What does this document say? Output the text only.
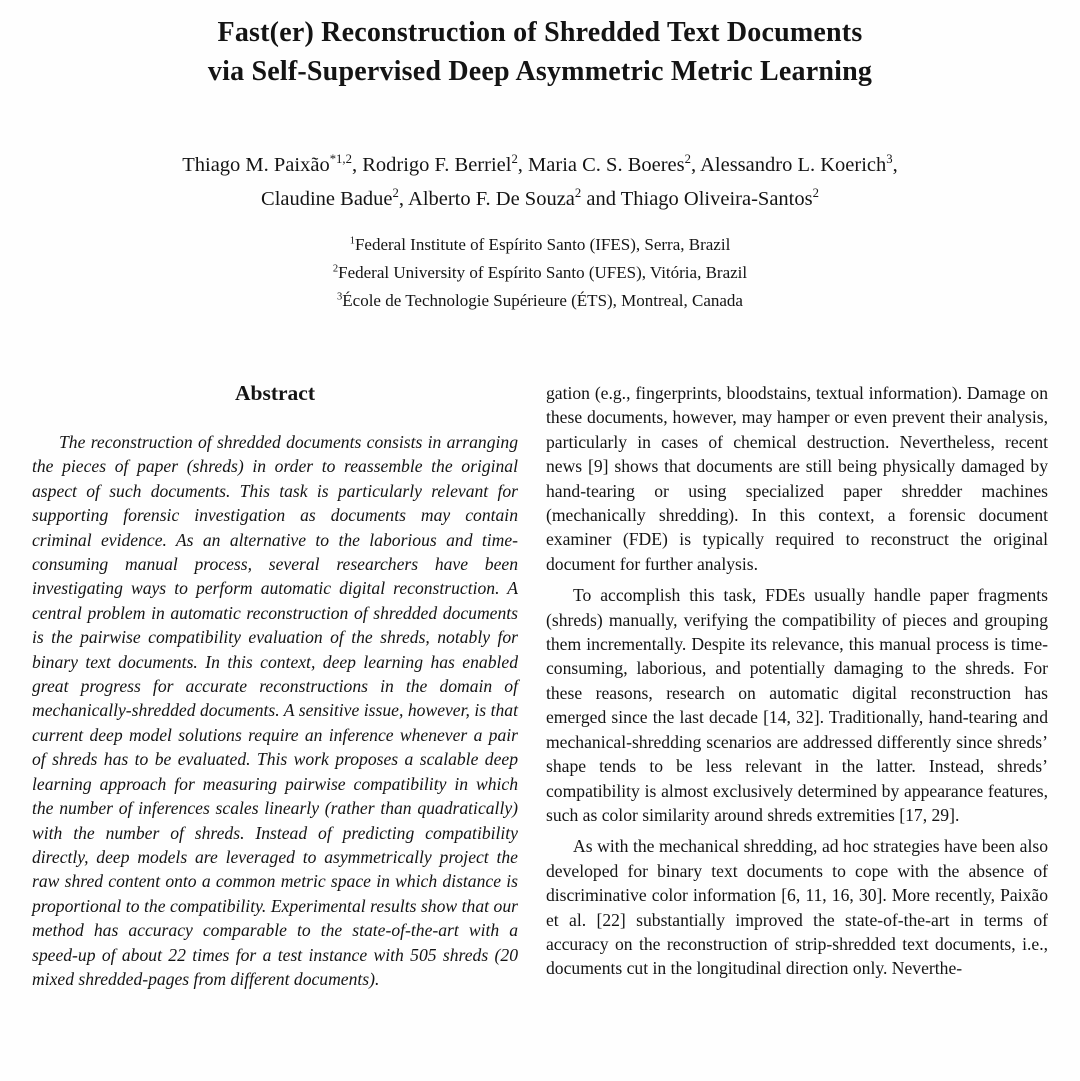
Fast(er) Reconstruction of Shredded Text Documents
via Self-Supervised Deep Asymmetric Metric Learning
Thiago M. Paixão$^{*1,2}$, Rodrigo F. Berriel$^2$, Maria C. S. Boeres$^2$, Alessandro L. Koerich$^3$,
Claudine Badue$^2$, Alberto F. De Souza$^2$ and Thiago Oliveira-Santos$^2$
$^1$Federal Institute of Espírito Santo (IFES), Serra, Brazil
$^2$Federal University of Espírito Santo (UFES), Vitória, Brazil
$^3$École de Technologie Supérieure (ÉTS), Montreal, Canada
Abstract

The reconstruction of shredded documents consists in arranging the pieces of paper (shreds) in order to reassemble the original aspect of such documents. This task is particularly relevant for supporting forensic investigation as documents may contain criminal evidence. As an alternative to the laborious and time-consuming manual process, several researchers have been investigating ways to perform automatic digital reconstruction. A central problem in automatic reconstruction of shredded documents is the pairwise compatibility evaluation of the shreds, notably for binary text documents. In this context, deep learning has enabled great progress for accurate reconstructions in the domain of mechanically-shredded documents. A sensitive issue, however, is that current deep model solutions require an inference whenever a pair of shreds has to be evaluated. This work proposes a scalable deep learning approach for measuring pairwise compatibility in which the number of inferences scales linearly (rather than quadratically) with the number of shreds. Instead of predicting compatibility directly, deep models are leveraged to asymmetrically project the raw shred content onto a common metric space in which distance is proportional to the compatibility. Experimental results show that our method has accuracy comparable to the state-of-the-art with a speed-up of about 22 times for a test instance with 505 shreds (20 mixed shredded-pages from different documents).

gation (e.g., fingerprints, bloodstains, textual information). Damage on these documents, however, may hamper or even prevent their analysis, particularly in cases of chemical destruction. Nevertheless, recent news [9] shows that documents are still being physically damaged by hand-tearing or using specialized paper shredder machines (mechanically shredding). In this context, a forensic document examiner (FDE) is typically required to reconstruct the original document for further analysis.

To accomplish this task, FDEs usually handle paper fragments (shreds) manually, verifying the compatibility of pieces and grouping them incrementally. Despite its relevance, this manual process is time-consuming, laborious, and potentially damaging to the shreds. For these reasons, research on automatic digital reconstruction has emerged since the last decade [14, 32]. Traditionally, hand-tearing and mechanical-shredding scenarios are addressed differently since shreds’ shape tends to be less relevant in the latter. Instead, shreds’ compatibility is almost exclusively determined by appearance features, such as color similarity around shreds extremities [17, 29].

As with the mechanical shredding, ad hoc strategies have been also developed for binary text documents to cope with the absence of discriminative color information [6, 11, 16, 30]. More recently, Paixão et al. [22] substantially improved the state-of-the-art in terms of accuracy on the reconstruction of strip-shredded text documents, i.e., documents cut in the longitudinal direction only. Neverthe-
